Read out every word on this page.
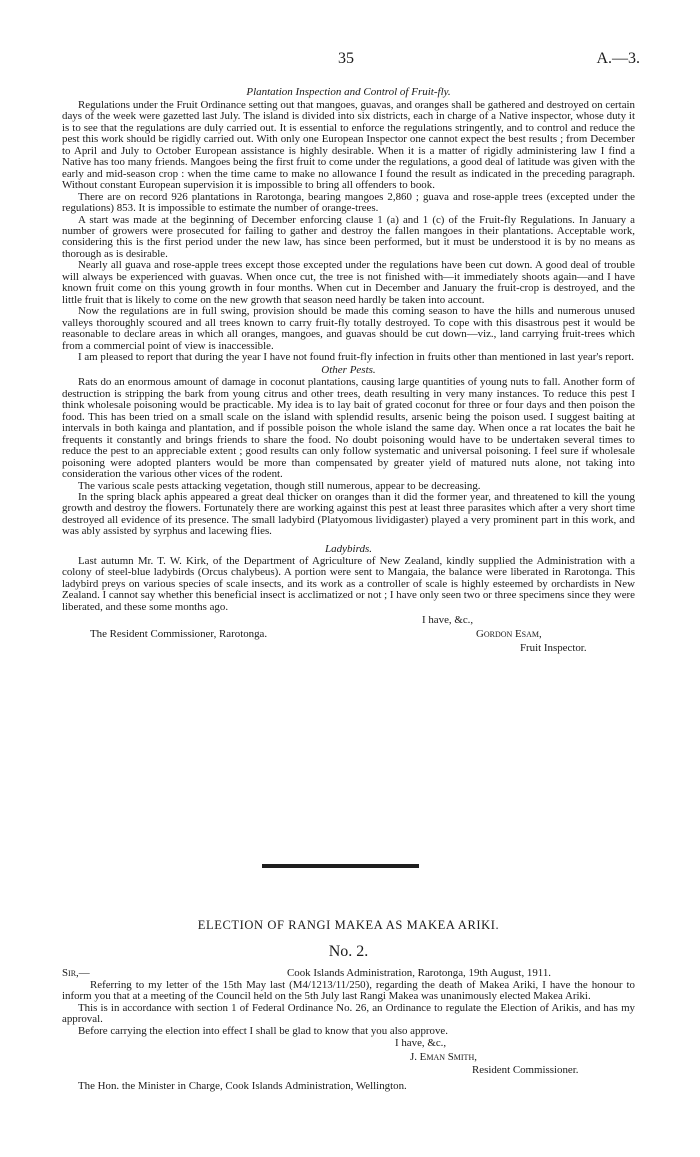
35	A.—3.

Plantation Inspection and Control of Fruit-fly.

Regulations under the Fruit Ordinance setting out that mangoes, guavas, and oranges shall be gathered and destroyed on certain days of the week were gazetted last July. The island is divided into six districts, each in charge of a Native inspector, whose duty it is to see that the regulations are duly carried out. It is essential to enforce the regulations stringently, and to control and reduce the pest this work should be rigidly carried out. With only one European Inspector one cannot expect the best results ; from December to April and July to October European assistance is highly desirable. When it is a matter of rigidly administering law I find a Native has too many friends. Mangoes being the first fruit to come under the regulations, a good deal of latitude was given with the early and mid-season crop : when the time came to make no allowance I found the result as indicated in the preceding paragraph. Without constant European supervision it is impossible to bring all offenders to book.

There are on record 926 plantations in Rarotonga, bearing mangoes 2,860 ; guava and rose-apple trees (excepted under the regulations) 853. It is impossible to estimate the number of orange-trees.

A start was made at the beginning of December enforcing clause 1 (a) and 1 (c) of the Fruit-fly Regulations. In January a number of growers were prosecuted for failing to gather and destroy the fallen mangoes in their plantations. Acceptable work, considering this is the first period under the new law, has since been performed, but it must be understood it is by no means as thorough as is desirable.

Nearly all guava and rose-apple trees except those excepted under the regulations have been cut down. A good deal of trouble will always be experienced with guavas. When once cut, the tree is not finished with—it immediately shoots again—and I have known fruit come on this young growth in four months. When cut in December and January the fruit-crop is destroyed, and the little fruit that is likely to come on the new growth that season need hardly be taken into account.

Now the regulations are in full swing, provision should be made this coming season to have the hills and numerous unused valleys thoroughly scoured and all trees known to carry fruit-fly totally destroyed. To cope with this disastrous pest it would be reasonable to declare areas in which all oranges, mangoes, and guavas should be cut down—viz., land carrying fruit-trees which from a commercial point of view is inaccessible.

I am pleased to report that during the year I have not found fruit-fly infection in fruits other than mentioned in last year's report.

Other Pests.

Rats do an enormous amount of damage in coconut plantations, causing large quantities of young nuts to fall. Another form of destruction is stripping the bark from young citrus and other trees, death resulting in very many instances. To reduce this pest I think wholesale poisoning would be practicable. My idea is to lay bait of grated coconut for three or four days and then poison the food. This has been tried on a small scale on the island with splendid results, arsenic being the poison used. I suggest baiting at intervals in both kainga and plantation, and if possible poison the whole island the same day. When once a rat locates the bait he frequents it constantly and brings friends to share the food. No doubt poisoning would have to be undertaken several times to reduce the pest to an appreciable extent ; good results can only follow systematic and universal poisoning. I feel sure if wholesale poisoning were adopted planters would be more than compensated by greater yield of matured nuts alone, not taking into consideration the various other vices of the rodent.

The various scale pests attacking vegetation, though still numerous, appear to be decreasing.

In the spring black aphis appeared a great deal thicker on oranges than it did the former year, and threatened to kill the young growth and destroy the flowers. Fortunately there are working against this pest at least three parasites which after a very short time destroyed all evidence of its presence. The small ladybird (Platyomous lividigaster) played a very prominent part in this work, and was ably assisted by syrphus and lacewing flies.

Ladybirds.

Last autumn Mr. T. W. Kirk, of the Department of Agriculture of New Zealand, kindly supplied the Administration with a colony of steel-blue ladybirds (Orcus chalybeus). A portion were sent to Mangaia, the balance were liberated in Rarotonga. This ladybird preys on various species of scale insects, and its work as a controller of scale is highly esteemed by orchardists in New Zealand. I cannot say whether this beneficial insect is acclimatized or not ; I have only seen two or three specimens since they were liberated, and these some months ago.

I have, &c.,
The Resident Commissioner, Rarotonga.	Gordon Esam,
Fruit Inspector.

ELECTION OF RANGI MAKEA AS MAKEA ARIKI.

No. 2.

Sir,—	Cook Islands Administration, Rarotonga, 19th August, 1911.

Referring to my letter of the 15th May last (M4/1213/11/250), regarding the death of Makea Ariki, I have the honour to inform you that at a meeting of the Council held on the 5th July last Rangi Makea was unanimously elected Makea Ariki.

This is in accordance with section 1 of Federal Ordinance No. 26, an Ordinance to regulate the Election of Arikis, and has my approval.

Before carrying the election into effect I shall be glad to know that you also approve.

I have, &c.,
J. Eman Smith,
Resident Commissioner.

The Hon. the Minister in Charge, Cook Islands Administration, Wellington.
